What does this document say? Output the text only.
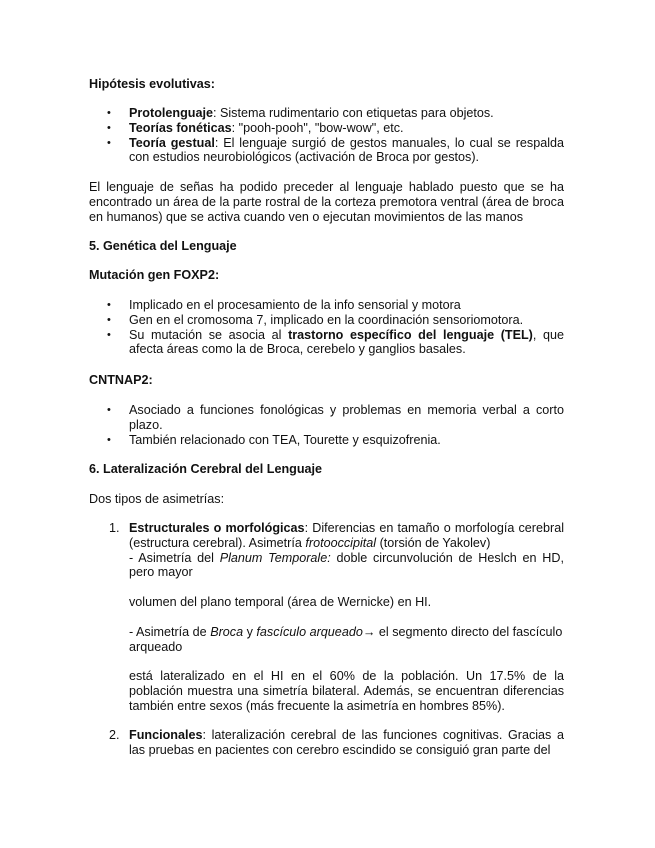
Hipótesis evolutivas:

• Protolenguaje: Sistema rudimentario con etiquetas para objetos.
• Teorías fonéticas: "pooh-pooh", "bow-wow", etc.
• Teoría gestual: El lenguaje surgió de gestos manuales, lo cual se respalda con estudios neurobiológicos (activación de Broca por gestos).

El lenguaje de señas ha podido preceder al lenguaje hablado puesto que se ha encontrado un área de la parte rostral de la corteza premotora ventral (área de broca en humanos) que se activa cuando ven o ejecutan movimientos de las manos

5. Genética del Lenguaje

Mutación gen FOXP2:

• Implicado en el procesamiento de la info sensorial y motora
• Gen en el cromosoma 7, implicado en la coordinación sensoriomotora.
• Su mutación se asocia al trastorno específico del lenguaje (TEL), que afecta áreas como la de Broca, cerebelo y ganglios basales.

CNTNAP2:

• Asociado a funciones fonológicas y problemas en memoria verbal a corto plazo.
• También relacionado con TEA, Tourette y esquizofrenia.

6. Lateralización Cerebral del Lenguaje

Dos tipos de asimetrías:

1. Estructurales o morfológicas: Diferencias en tamaño o morfología cerebral (estructura cerebral). Asimetría frotooccipital (torsión de Yakolev)
- Asimetría del Planum Temporale: doble circunvolución de Heslch en HD, pero mayor

volumen del plano temporal (área de Wernicke) en HI.

- Asimetría de Broca y fascículo arqueado→ el segmento directo del fascículo arqueado

está lateralizado en el HI en el 60% de la población. Un 17.5% de la población muestra una simetría bilateral. Además, se encuentran diferencias también entre sexos (más frecuente la asimetría en hombres 85%).

2. Funcionales: lateralización cerebral de las funciones cognitivas. Gracias a las pruebas en pacientes con cerebro escindido se consiguió gran parte del
